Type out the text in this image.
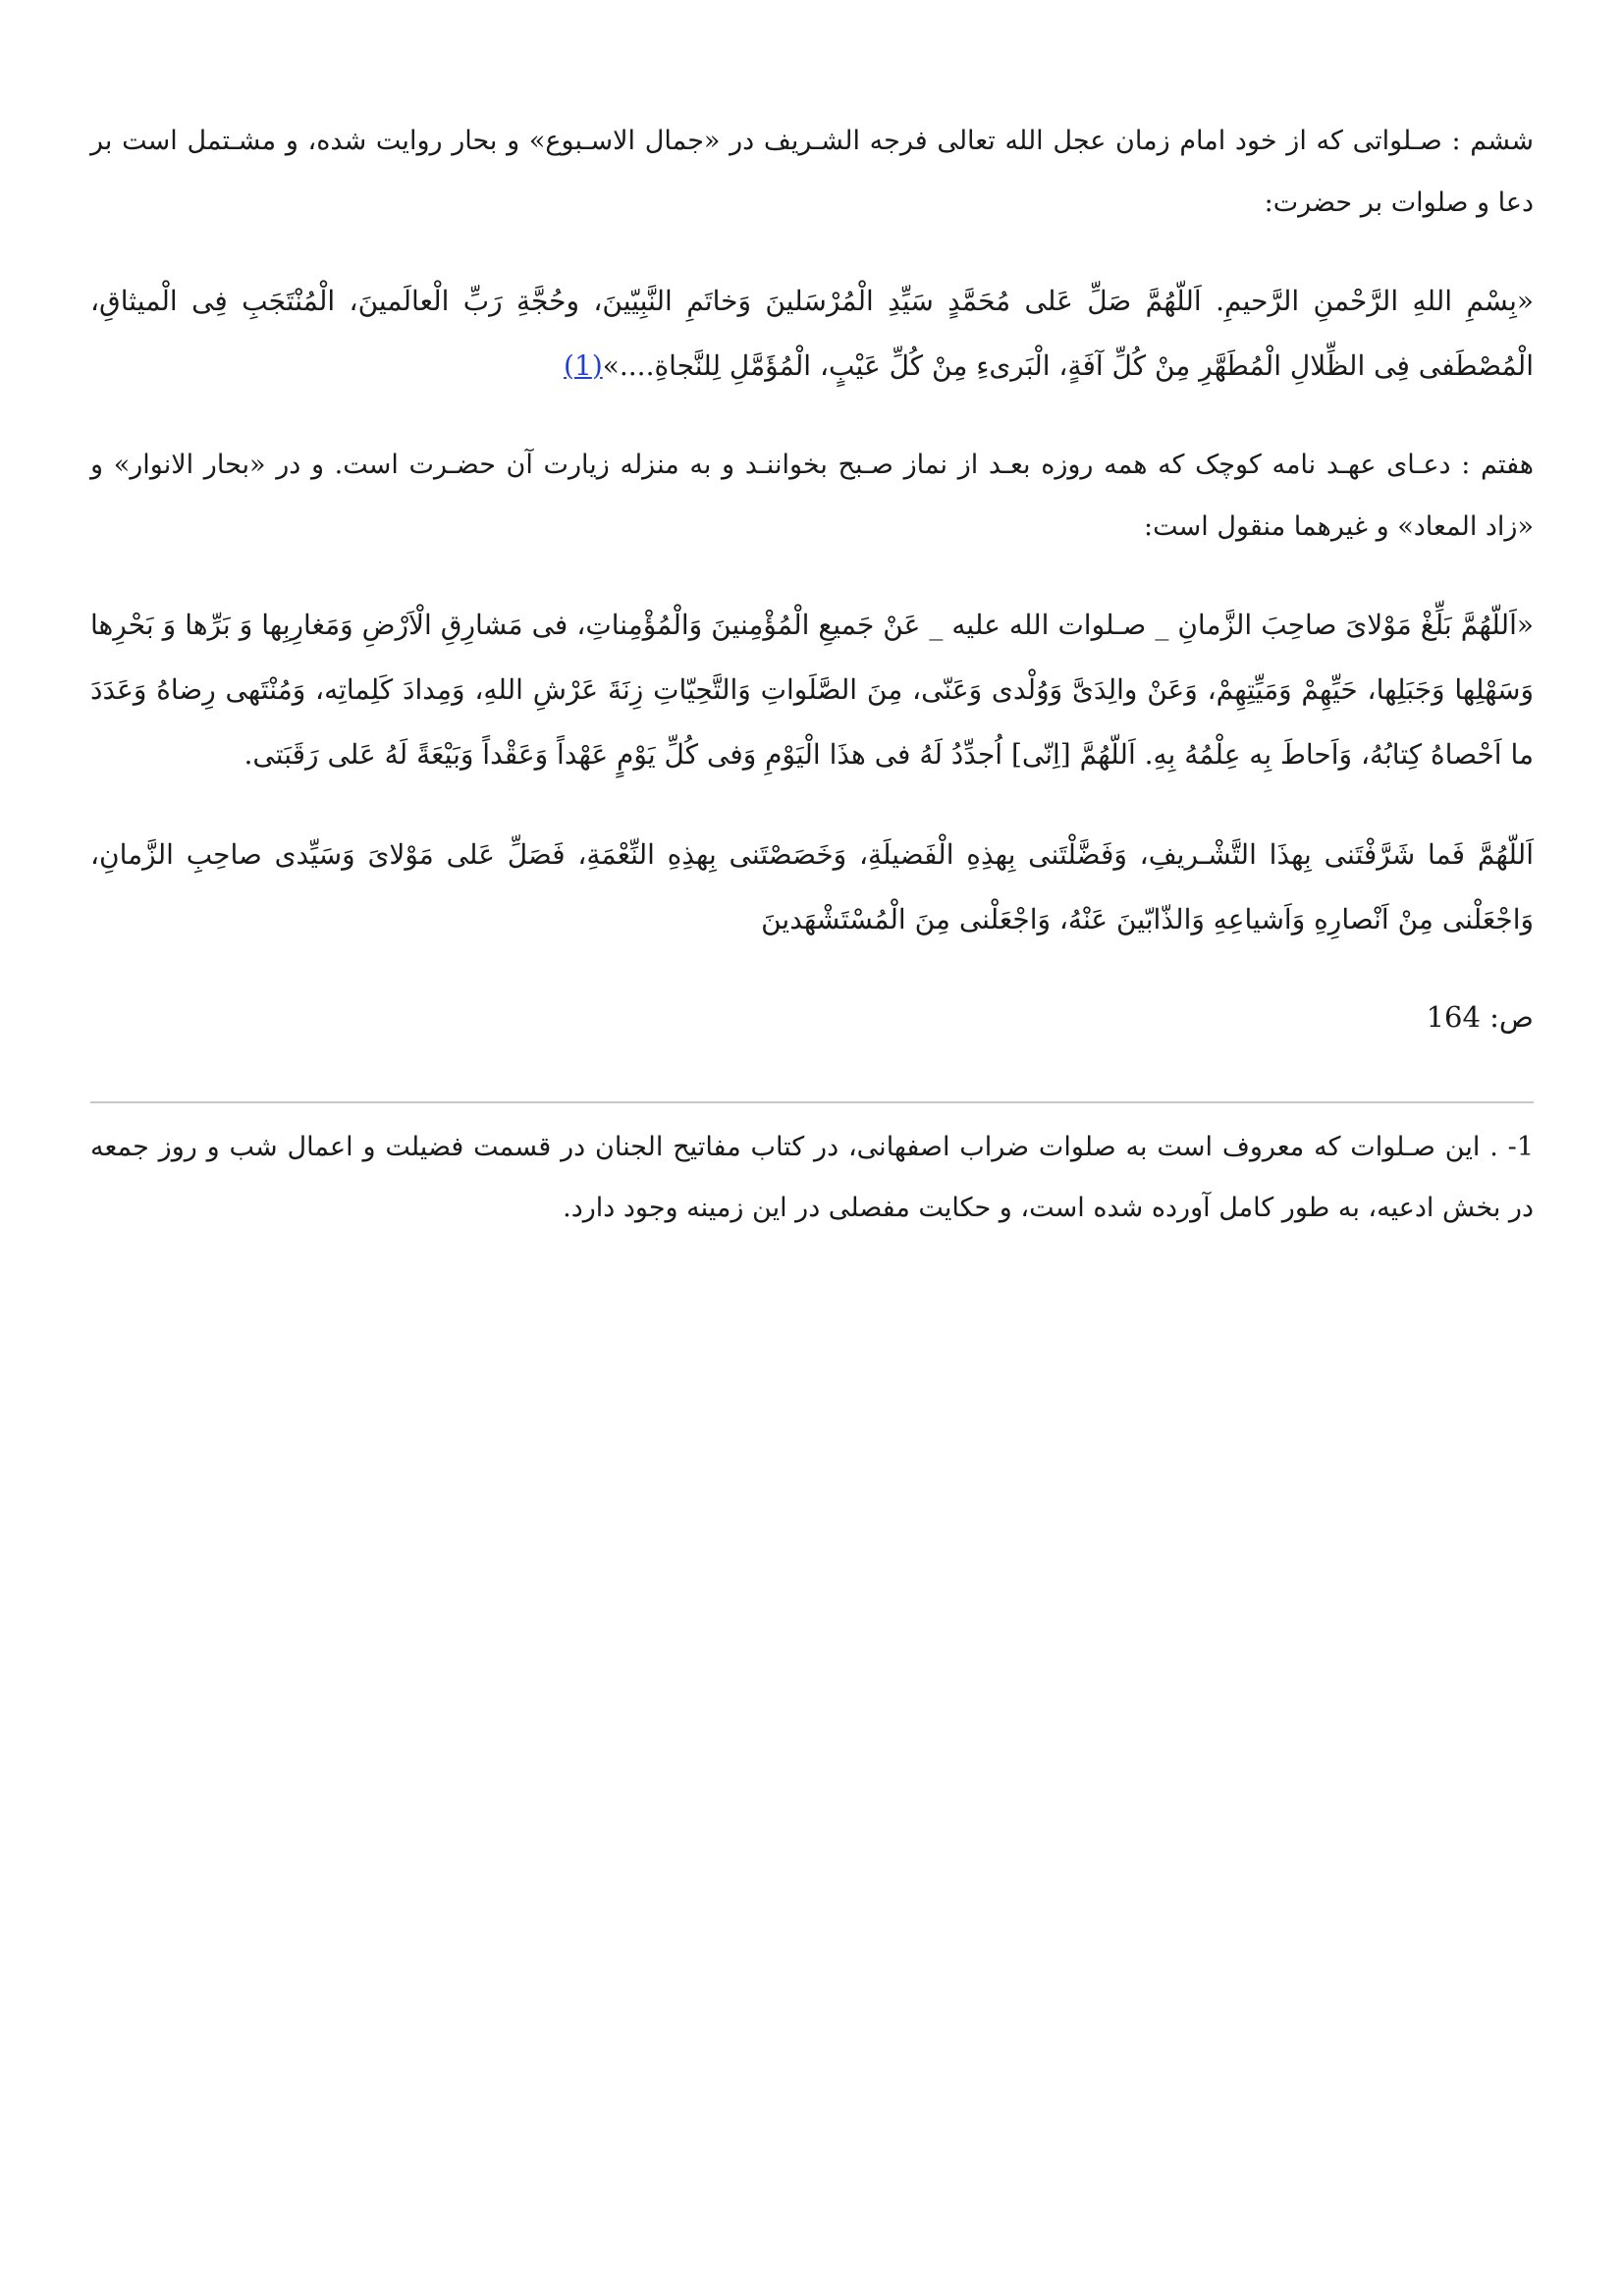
ششم : صـلواتی که از خود امام زمان عجل الله تعالی فرجه الشـریف در «جمال الاسـبوع» و بحار روایت شده، و مشـتمل است بر دعا و صلوات بر حضرت:

«بِسْمِ اللهِ الرَّحْمنِ الرَّحیمِ. اَللّهُمَّ صَلِّ عَلی مُحَمَّدٍ سَیِّدِ الْمُرْسَلینَ وَخاتَمِ النَّبِیّینَ، وحُجَّةِ رَبِّ الْعالَمینَ، الْمُنْتَجَبِ فِی الْمیثاقِ، الْمُصْطَفی فِی الظِّلالِ الْمُطَهَّرِ مِنْ کُلِّ آفَةٍ، الْبَریءِ مِنْ کُلِّ عَیْبٍ، الْمُؤَمَّلِ لِلنَّجاةِ....»(1)

هفتم : دعـای عهـد نامه کوچک که همه روزه بعـد از نماز صـبح بخواننـد و به منزله زیارت آن حضـرت است. و در «بحار الانوار» و «زاد المعاد» و غیرهما منقول است:

«اَللّهُمَّ بَلِّغْ مَوْلایَ صاحِبَ الزَّمانِ _ صـلوات الله علیه _ عَنْ جَمیعِ الْمُؤْمِنینَ وَالْمُؤْمِناتِ، فی مَشارِقِ الْاَرْضِ وَمَغارِبِها وَ بَرِّها وَ بَحْرِها وَسَهْلِها وَجَبَلِها، حَیِّهِمْ وَمَیِّتِهِمْ، وَعَنْ والِدَیَّ وَوُلْدی وَعَنّی، مِنَ الصَّلَواتِ وَالتَّحِیّاتِ زِنَةَ عَرْشِ اللهِ، وَمِدادَ کَلِماتِه، وَمُنْتَهی رِضاهُ وَعَدَدَ ما اَحْصاهُ کِتابُهُ، وَاَحاطَ بِه عِلْمُهُ بِهِ. اَللّهُمَّ [اِنّی] اُجدِّدُ لَهُ فی هذَا الْیَوْمِ وَفی کُلِّ یَوْمٍ عَهْداً وَعَقْداً وَبَیْعَةً لَهُ عَلی رَقَبَتی.

اَللّهُمَّ فَما شَرَّفْتَنی بِهذَا التَّشْـریفِ، وَفَضَّلْتَنی بِهذِهِ الْفَضیلَةِ، وَخَصَصْتَنی بِهذِهِ النِّعْمَةِ، فَصَلِّ عَلی مَوْلایَ وَسَیِّدی صاحِبِ الزَّمانِ، وَاجْعَلْنی مِنْ اَنْصارِهِ وَاَشیاعِهِ وَالذّابّینَ عَنْهُ، وَاجْعَلْنی مِنَ الْمُسْتَشْهَدینَ

ص: 164

1- . این صـلوات که معروف است به صلوات ضراب اصفهانی، در کتاب مفاتیح الجنان در قسمت فضیلت و اعمال شب و روز جمعه در بخش ادعیه، به طور کامل آورده شده است، و حکایت مفصلی در این زمینه وجود دارد.
